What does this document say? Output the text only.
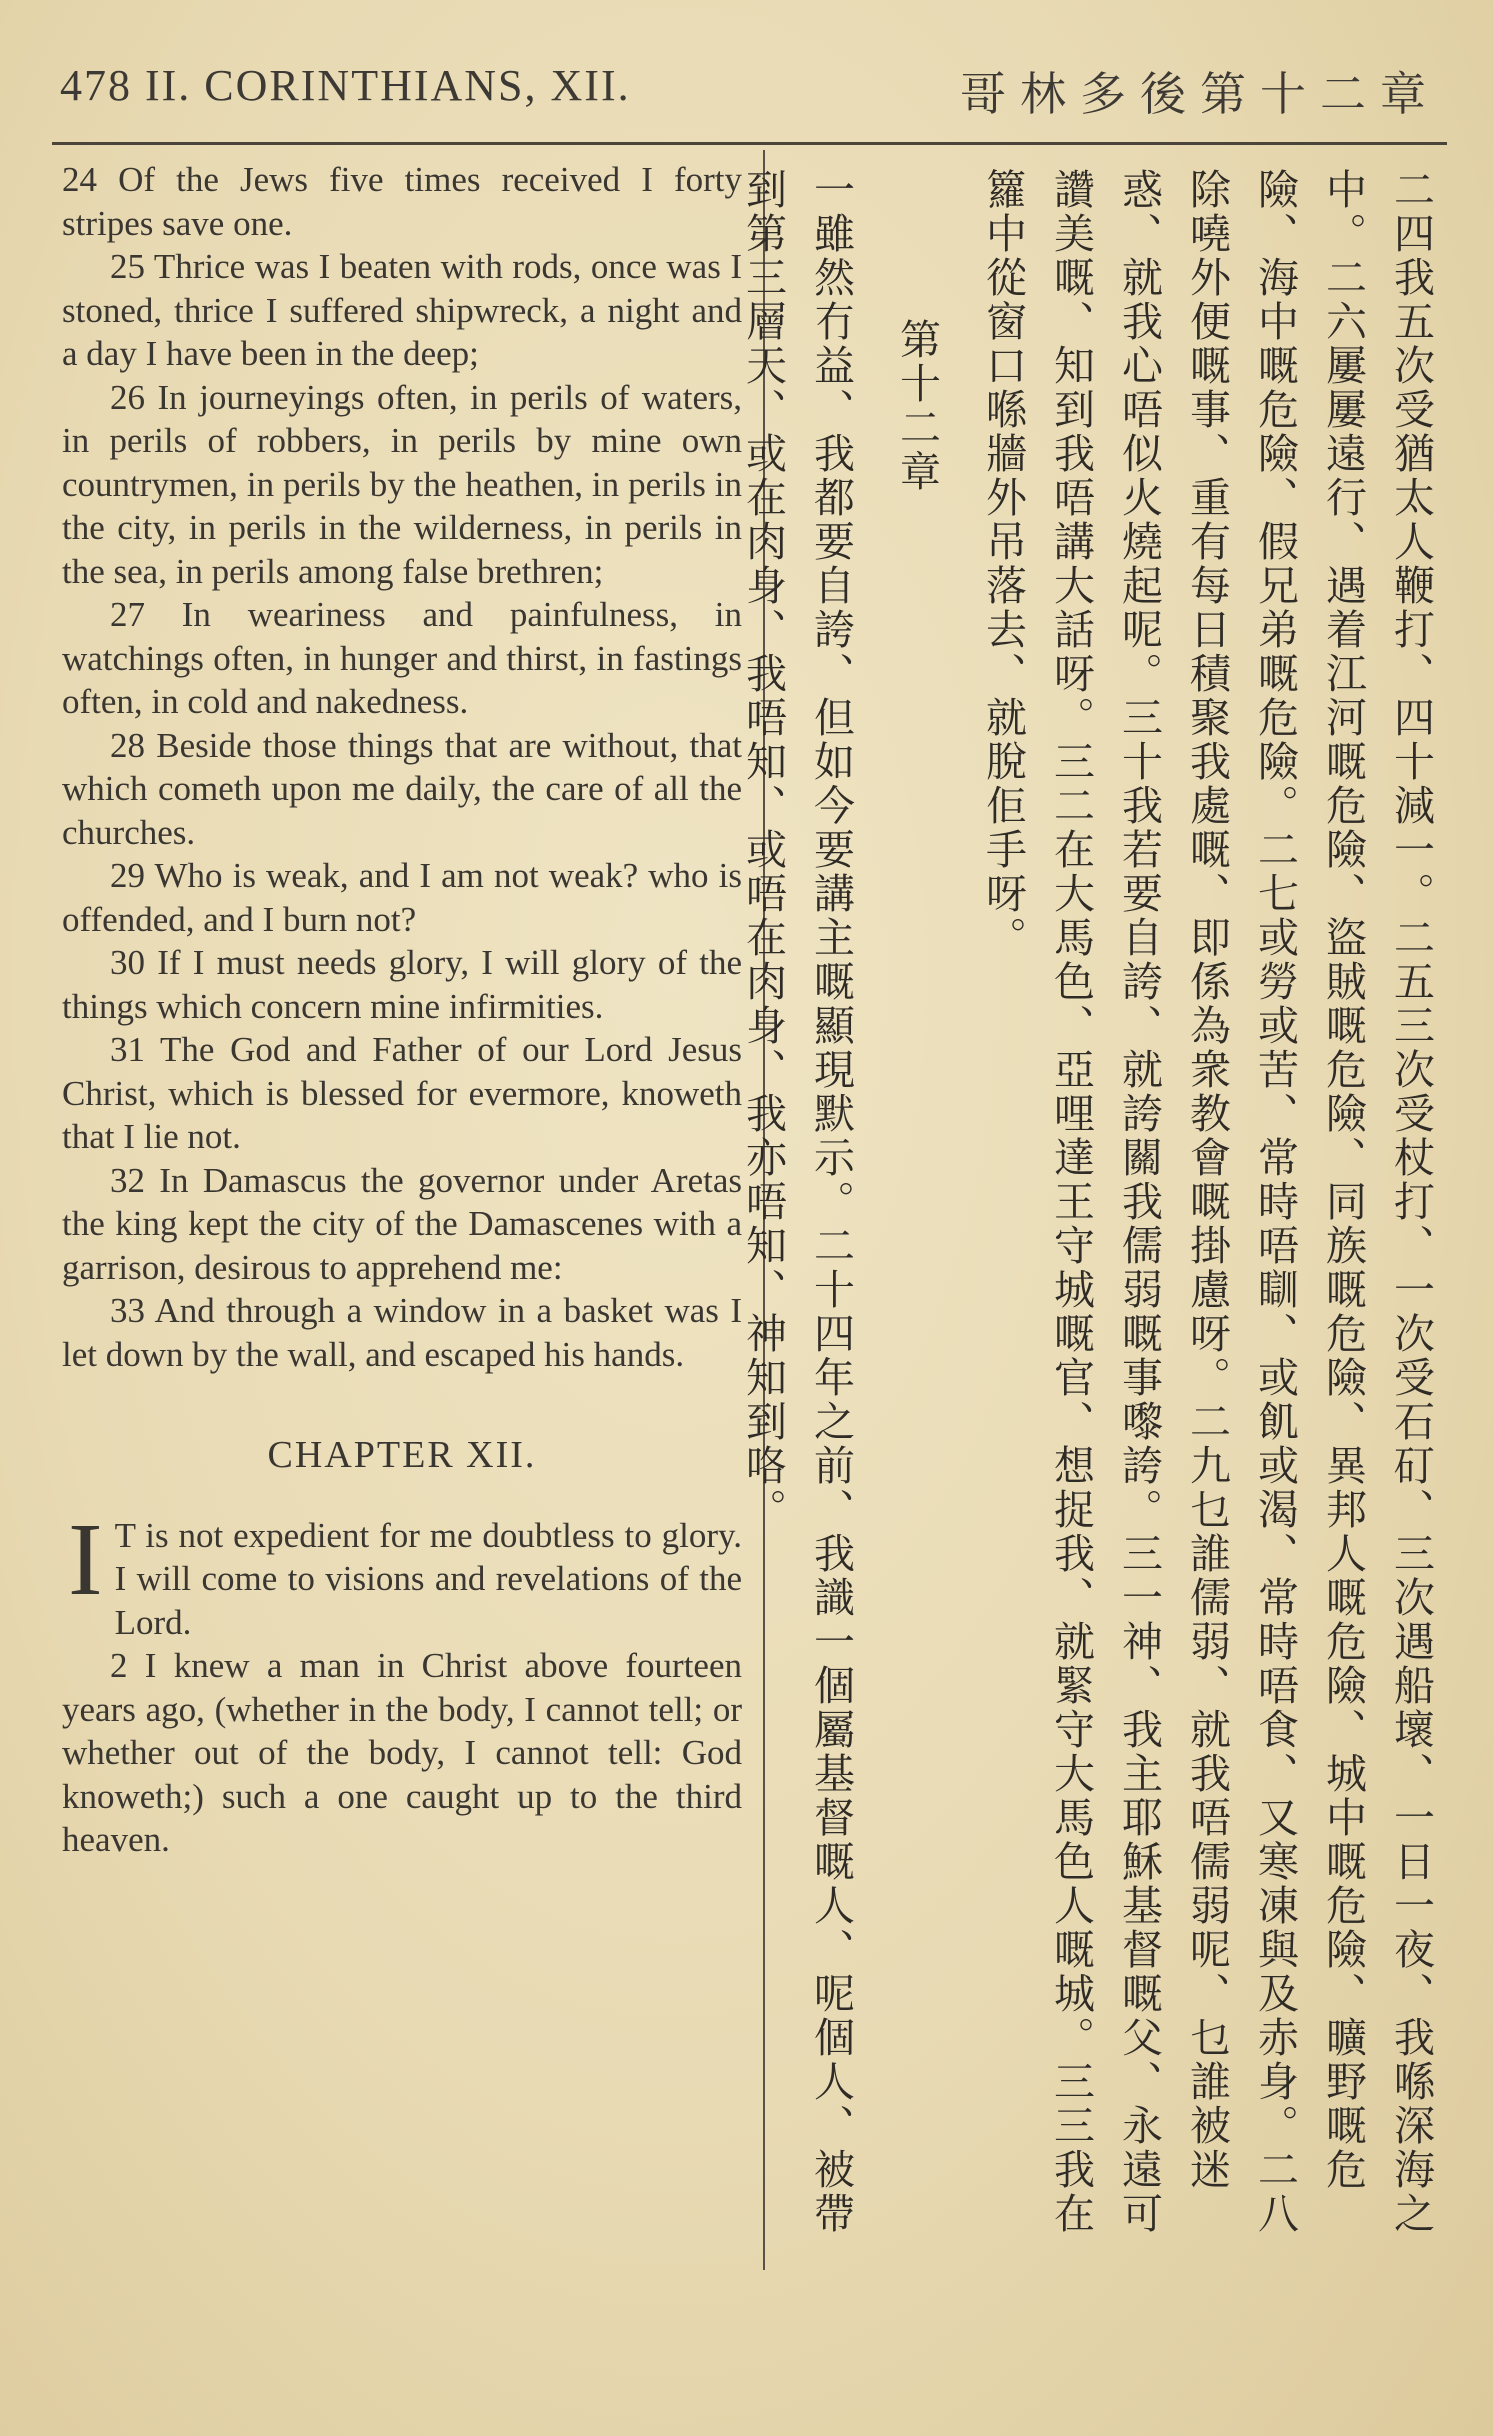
478 II. CORINTHIANS, XII.	哥林多後第十二章

24 Of the Jews five times received I forty stripes save one.

25 Thrice was I beaten with rods, once was I stoned, thrice I suffered shipwreck, a night and a day I have been in the deep;

26 In journeyings often, in perils of waters, in perils of robbers, in perils by mine own countrymen, in perils by the heathen, in perils in the city, in perils in the wilderness, in perils in the sea, in perils among false brethren;

27 In weariness and painfulness, in watchings often, in hunger and thirst, in fastings often, in cold and nakedness.

28 Beside those things that are without, that which cometh upon me daily, the care of all the churches.

29 Who is weak, and I am not weak? who is offended, and I burn not?

30 If I must needs glory, I will glory of the things which concern mine infirmities.

31 The God and Father of our Lord Jesus Christ, which is blessed for evermore, knoweth that I lie not.

32 In Damascus the governor under Aretas the king kept the city of the Damascenes with a garrison, desirous to apprehend me:

33 And through a window in a basket was I let down by the wall, and escaped his hands.

CHAPTER XII.

I T is not expedient for me doubtless to glory. I will come to visions and revelations of the Lord.

2 I knew a man in Christ above fourteen years ago, (whether in the body, I cannot tell; or whether out of the body, I cannot tell: God knoweth;) such a one caught up to the third heaven.	二四我五次受猶太人鞭打、四十減一。二五三次受杖打、一次受石矴、三次遇船壞、一日一夜、我喺深海之中。二六屢屢遠行、遇着江河嘅危險、盜賊嘅危險、同族嘅危險、異邦人嘅危險、城中嘅危險、曠野嘅危險、海中嘅危險、假兄弟嘅危險。二七或勞或苦、常時唔瞓、或飢或渴、常時唔食、又寒凍與及赤身。二八除嘵外便嘅事、重有每日積聚我處嘅、即係為衆教會嘅掛慮呀。二九乜誰儒弱、就我唔儒弱呢、乜誰被迷惑、就我心唔似火燒起呢。三十我若要自誇、就誇關我儒弱嘅事嚟誇。三一神、我主耶穌基督嘅父、永遠可讚美嘅、知到我唔講大話呀。三二在大馬色、亞哩達王守城嘅官、想捉我、就緊守大馬色人嘅城。三三我在籮中從窗口喺牆外吊落去、就脫佢手呀。

第十二章

一雖然冇益、我都要自誇、但如今要講主嘅顯現默示。二十四年之前、我識一個屬基督嘅人、呢個人、被帶到第三層天、或在肉身、我唔知、或唔在肉身、我亦唔知、神知到咯。
